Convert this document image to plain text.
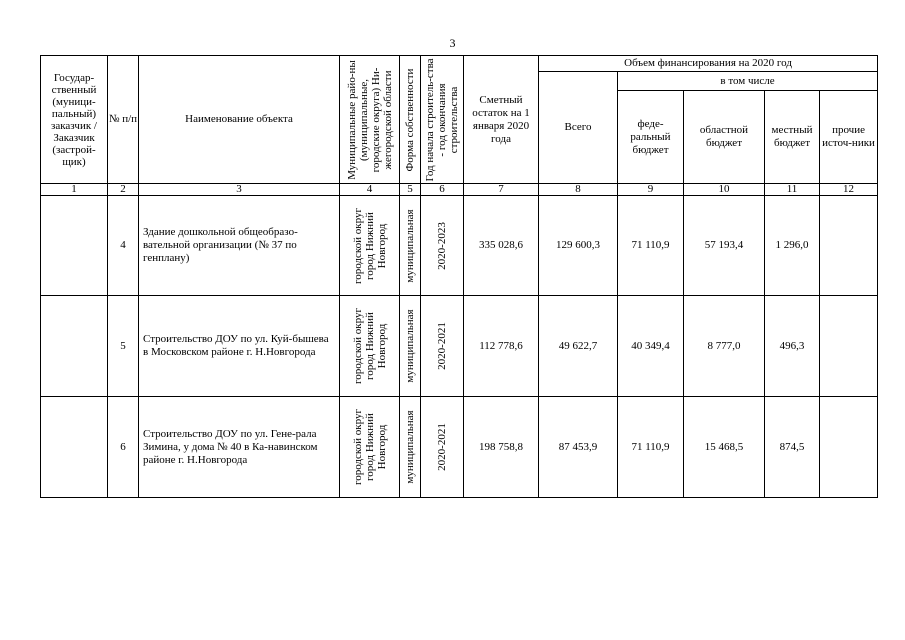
3
Государ-ственный (муници-пальный) заказчик / Заказчик (застрой-щик)	№ п/п	Наименование объекта	Муниципальные райо-ны (муниципальные, городские округа) Ни-жегородской области	Форма собственности	Год начала строитель-ства - год окончания строительства	Сметный остаток на 1 января 2020 года	Объем финансирования на 2020 год				
							Всего	в том числе			
								феде-ральный бюджет	областной бюджет	местный бюджет	прочие источ-ники
1	2	3	4	5	6	7	8	9	10	11	12
	4	Здание дошкольной общеобразо-вательной организации (№ 37 по генплану)	городской округ город Нижний Новгород	муниципальная	2020-2023	335 028,6	129 600,3	71 110,9	57 193,4	1 296,0	
	5	Строительство ДОУ по ул. Куй-бышева в Московском районе г. Н.Новгорода	городской округ город Нижний Новгород	муниципальная	2020-2021	112 778,6	49 622,7	40 349,4	8 777,0	496,3	
	6	Строительство ДОУ по ул. Гене-рала Зимина, у дома № 40 в Ка-навинском районе г. Н.Новгорода	городской округ город Нижний Новгород	муниципальная	2020-2021	198 758,8	87 453,9	71 110,9	15 468,5	874,5	
